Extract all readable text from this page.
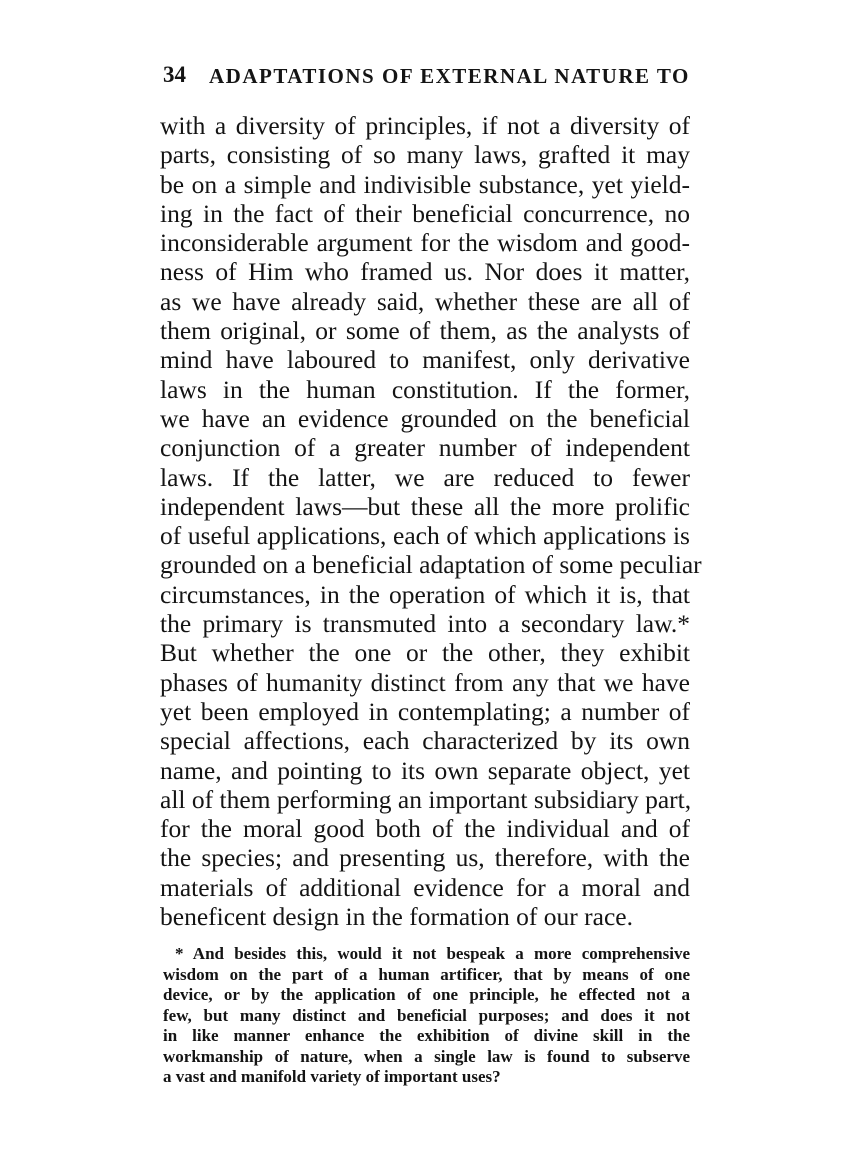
34 ADAPTATIONS OF EXTERNAL NATURE TO
with a diversity of principles, if not a diversity of
parts, consisting of so many laws, grafted it may
be on a simple and indivisible substance, yet yield-
ing in the fact of their beneficial concurrence, no
inconsiderable argument for the wisdom and good-
ness of Him who framed us. Nor does it matter,
as we have already said, whether these are all of
them original, or some of them, as the analysts of
mind have laboured to manifest, only derivative
laws in the human constitution. If the former,
we have an evidence grounded on the beneficial
conjunction of a greater number of independent
laws. If the latter, we are reduced to fewer
independent laws—but these all the more prolific
of useful applications, each of which applications is
grounded on a beneficial adaptation of some peculiar
circumstances, in the operation of which it is, that
the primary is transmuted into a secondary law.*
But whether the one or the other, they exhibit
phases of humanity distinct from any that we have
yet been employed in contemplating; a number of
special affections, each characterized by its own
name, and pointing to its own separate object, yet
all of them performing an important subsidiary part,
for the moral good both of the individual and of
the species; and presenting us, therefore, with the
materials of additional evidence for a moral and
beneficent design in the formation of our race.
* And besides this, would it not bespeak a more comprehensive
wisdom on the part of a human artificer, that by means of one
device, or by the application of one principle, he effected not a
few, but many distinct and beneficial purposes; and does it not
in like manner enhance the exhibition of divine skill in the
workmanship of nature, when a single law is found to subserve
a vast and manifold variety of important uses?
